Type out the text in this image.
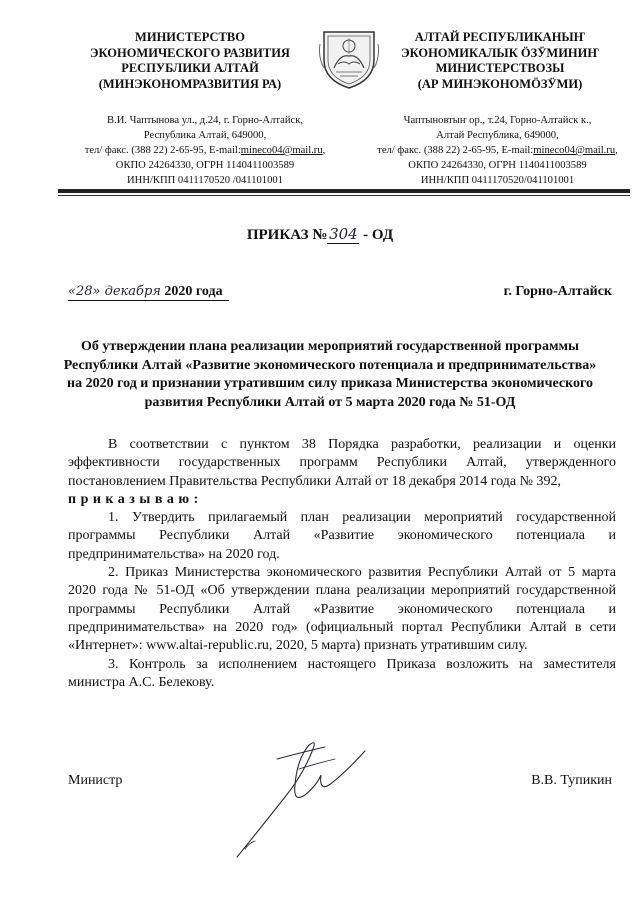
МИНИСТЕРСТВО
ЭКОНОМИЧЕСКОГО РАЗВИТИЯ
РЕСПУБЛИКИ АЛТАЙ
(МИНЭКОНОМРАЗВИТИЯ РА)
АЛТАЙ РЕСПУБЛИКАНЫҤ
ЭКОНОМИКАЛЫК ÖЗӰМИНИҤ
МИНИСТЕРСТВОЗЫ
(АР МИНЭКОНОМÖЗӰМИ)
В.И. Чаптынова ул., д.24, г. Горно-Алтайск,
Республика Алтай, 649000,
тел/ факс. (388 22) 2-65-95, E-mail:mineco04@mail.ru,
ОКПО 24264330, ОГРН 1140411003589
ИНН/КПП 0411170520 /041101001
Чаптыновтыҥ ор., т.24, Горно-Алтайск к.,
Алтай Республика, 649000,
тел/ факс. (388 22) 2-65-95, E-mail:mineco04@mail.ru,
ОКПО 24264330, ОГРН 1140411003589
ИНН/КПП 0411170520/041101001
ПРИКАЗ № 304 - ОД
«28» декабря 2020 года	г. Горно-Алтайск
Об утверждении плана реализации мероприятий государственной программы Республики Алтай «Развитие экономического потенциала и предпринимательства» на 2020 год и признании утратившим силу приказа Министерства экономического развития Республики Алтай от 5 марта 2020 года № 51-ОД

В соответствии с пунктом 38 Порядка разработки, реализации и оценки эффективности государственных программ Республики Алтай, утвержденного постановлением Правительства Республики Алтай от 18 декабря 2014 года № 392,

приказываю:

1. Утвердить прилагаемый план реализации мероприятий государственной программы Республики Алтай «Развитие экономического потенциала и предпринимательства» на 2020 год.

2. Приказ Министерства экономического развития Республики Алтай от 5 марта 2020 года № 51-ОД «Об утверждении плана реализации мероприятий государственной программы Республики Алтай «Развитие экономического потенциала и предпринимательства» на 2020 год» (официальный портал Республики Алтай в сети «Интернет»: www.altai-republic.ru, 2020, 5 марта) признать утратившим силу.

3. Контроль за исполнением настоящего Приказа возложить на заместителя министра А.С. Белекову.

Министр	В.В. Тупикин
